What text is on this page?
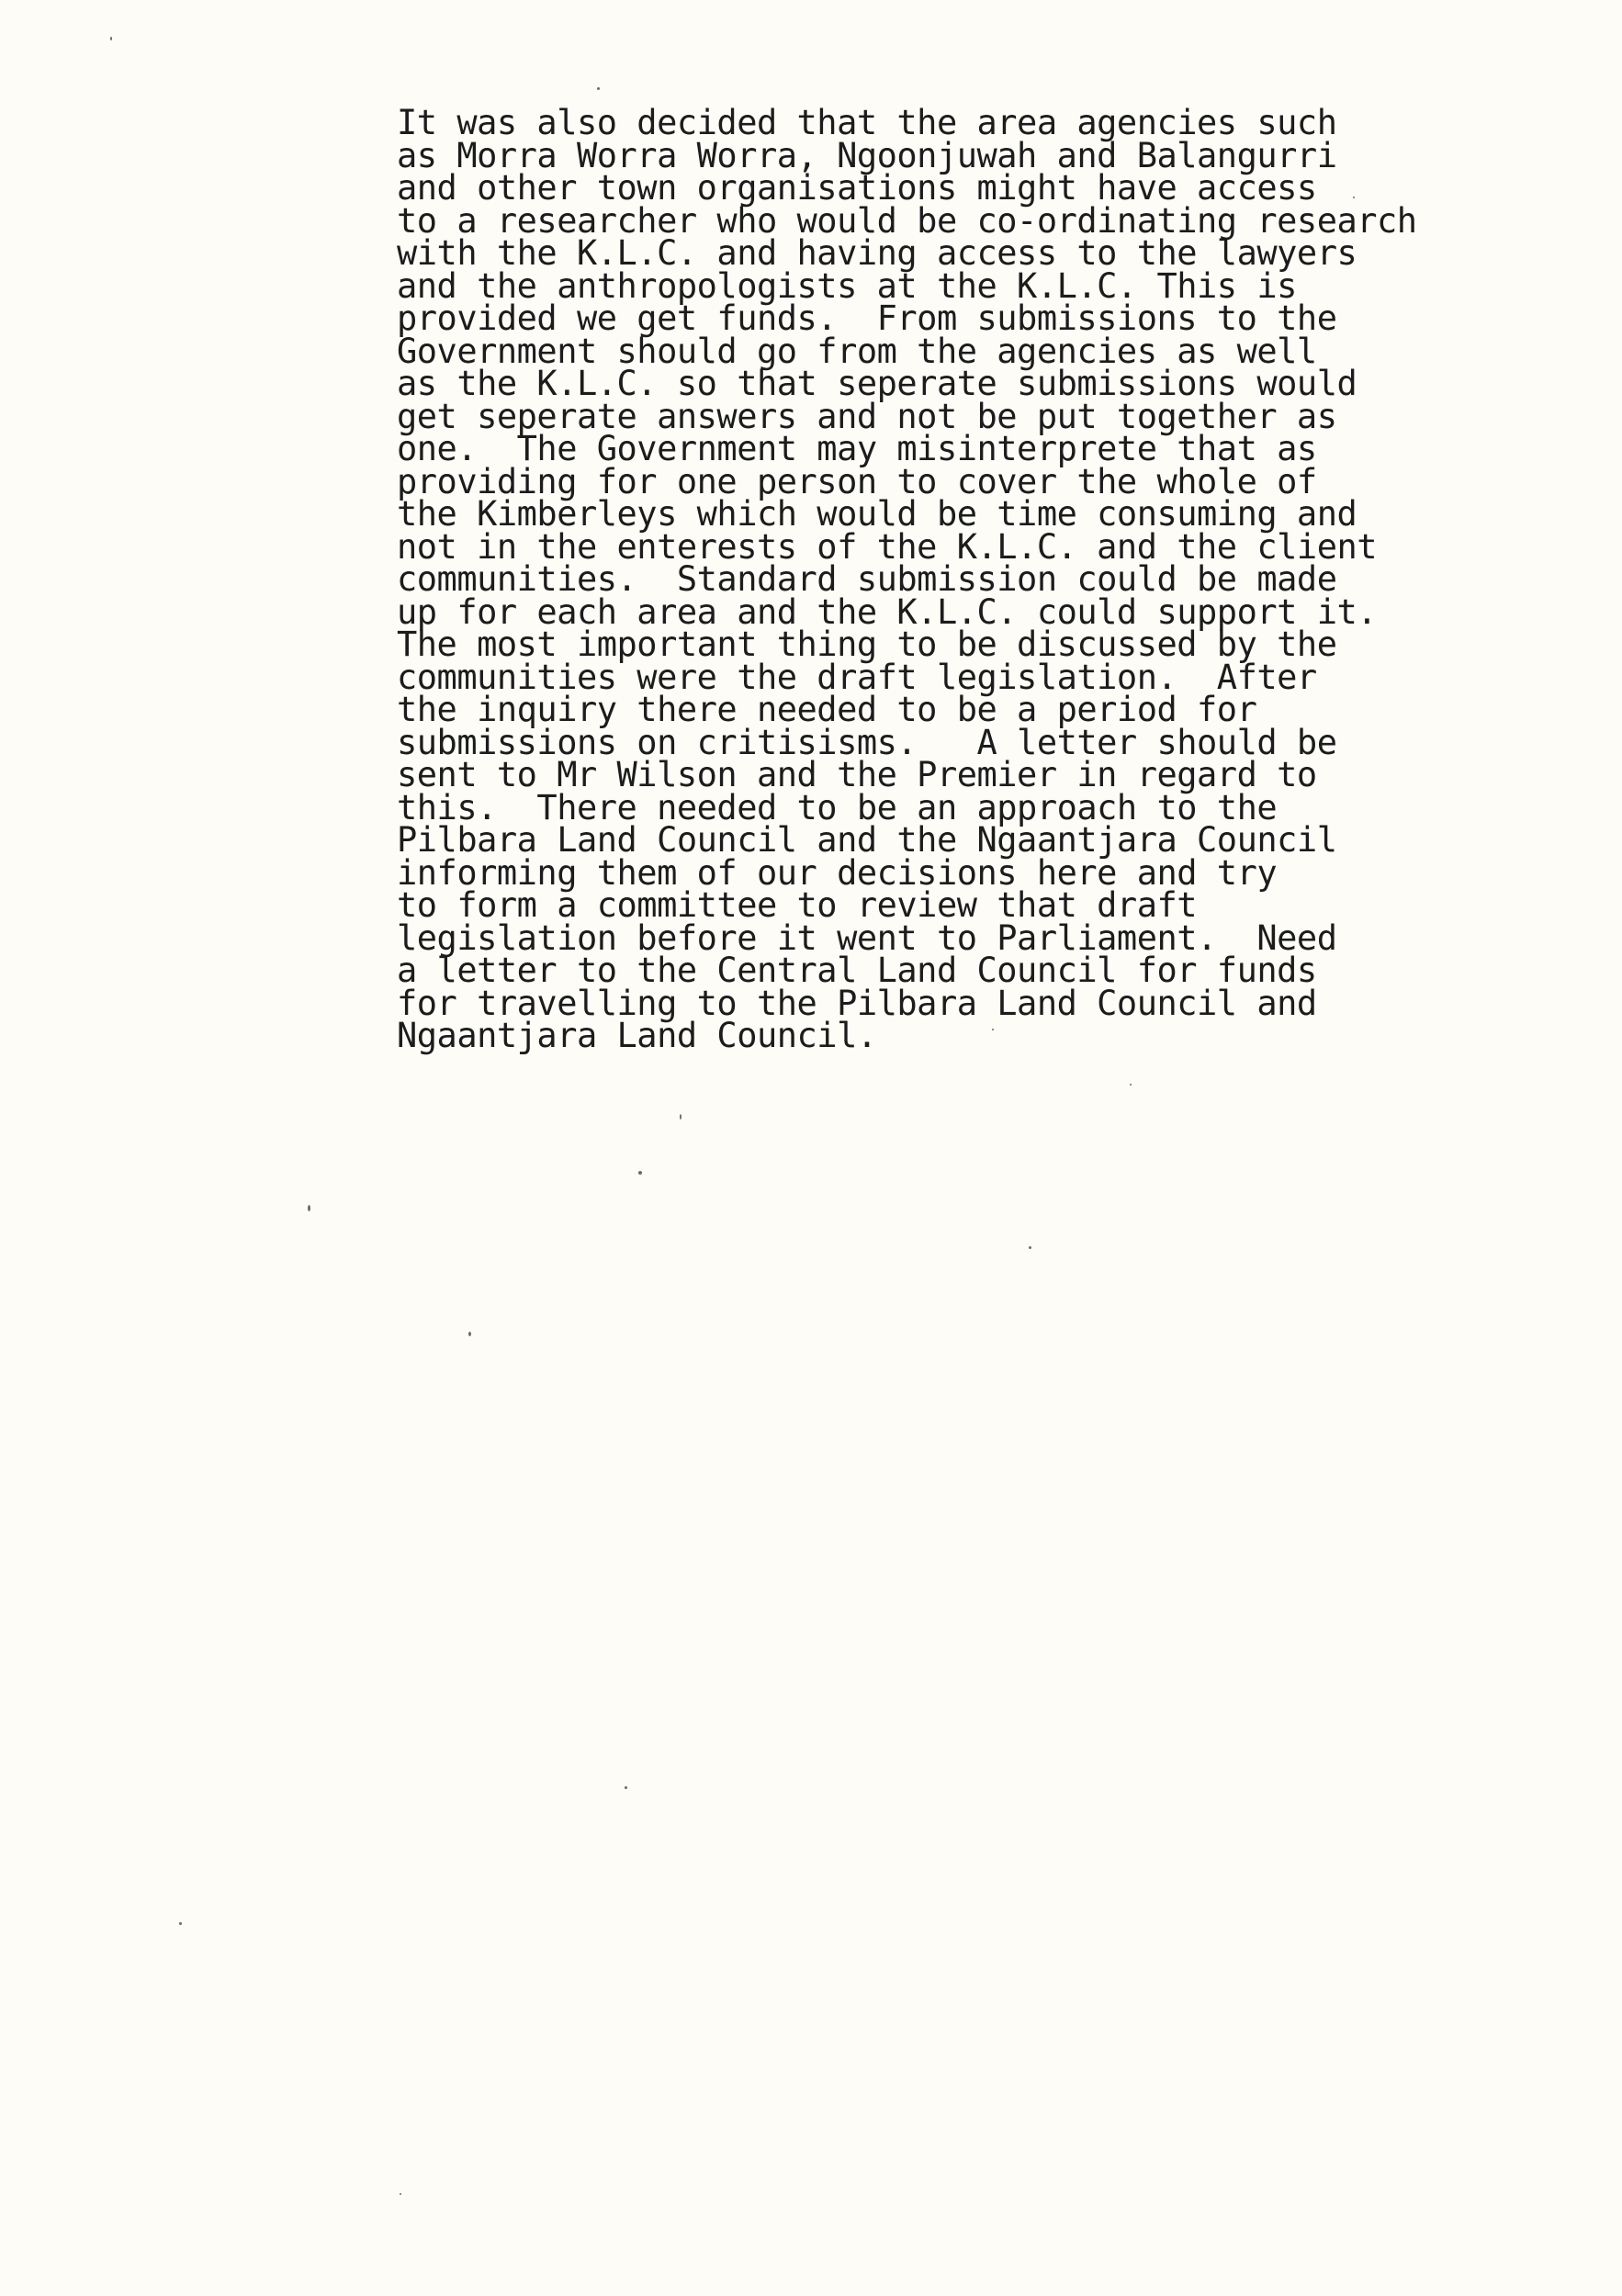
It was also decided that the area agencies such
as Morra Worra Worra, Ngoonjuwah and Balangurri
and other town organisations might have access
to a researcher who would be co-ordinating research
with the K.L.C. and having access to the lawyers
and the anthropologists at the K.L.C. This is
provided we get funds.  From submissions to the
Government should go from the agencies as well
as the K.L.C. so that seperate submissions would
get seperate answers and not be put together as
one.  The Government may misinterprete that as
providing for one person to cover the whole of
the Kimberleys which would be time consuming and
not in the enterests of the K.L.C. and the client
communities.  Standard submission could be made
up for each area and the K.L.C. could support it.
The most important thing to be discussed by the
communities were the draft legislation.  After
the inquiry there needed to be a period for
submissions on critisisms.   A letter should be
sent to Mr Wilson and the Premier in regard to
this.  There needed to be an approach to the
Pilbara Land Council and the Ngaantjara Council
informing them of our decisions here and try
to form a committee to review that draft
legislation before it went to Parliament.  Need
a letter to the Central Land Council for funds
for travelling to the Pilbara Land Council and
Ngaantjara Land Council.
